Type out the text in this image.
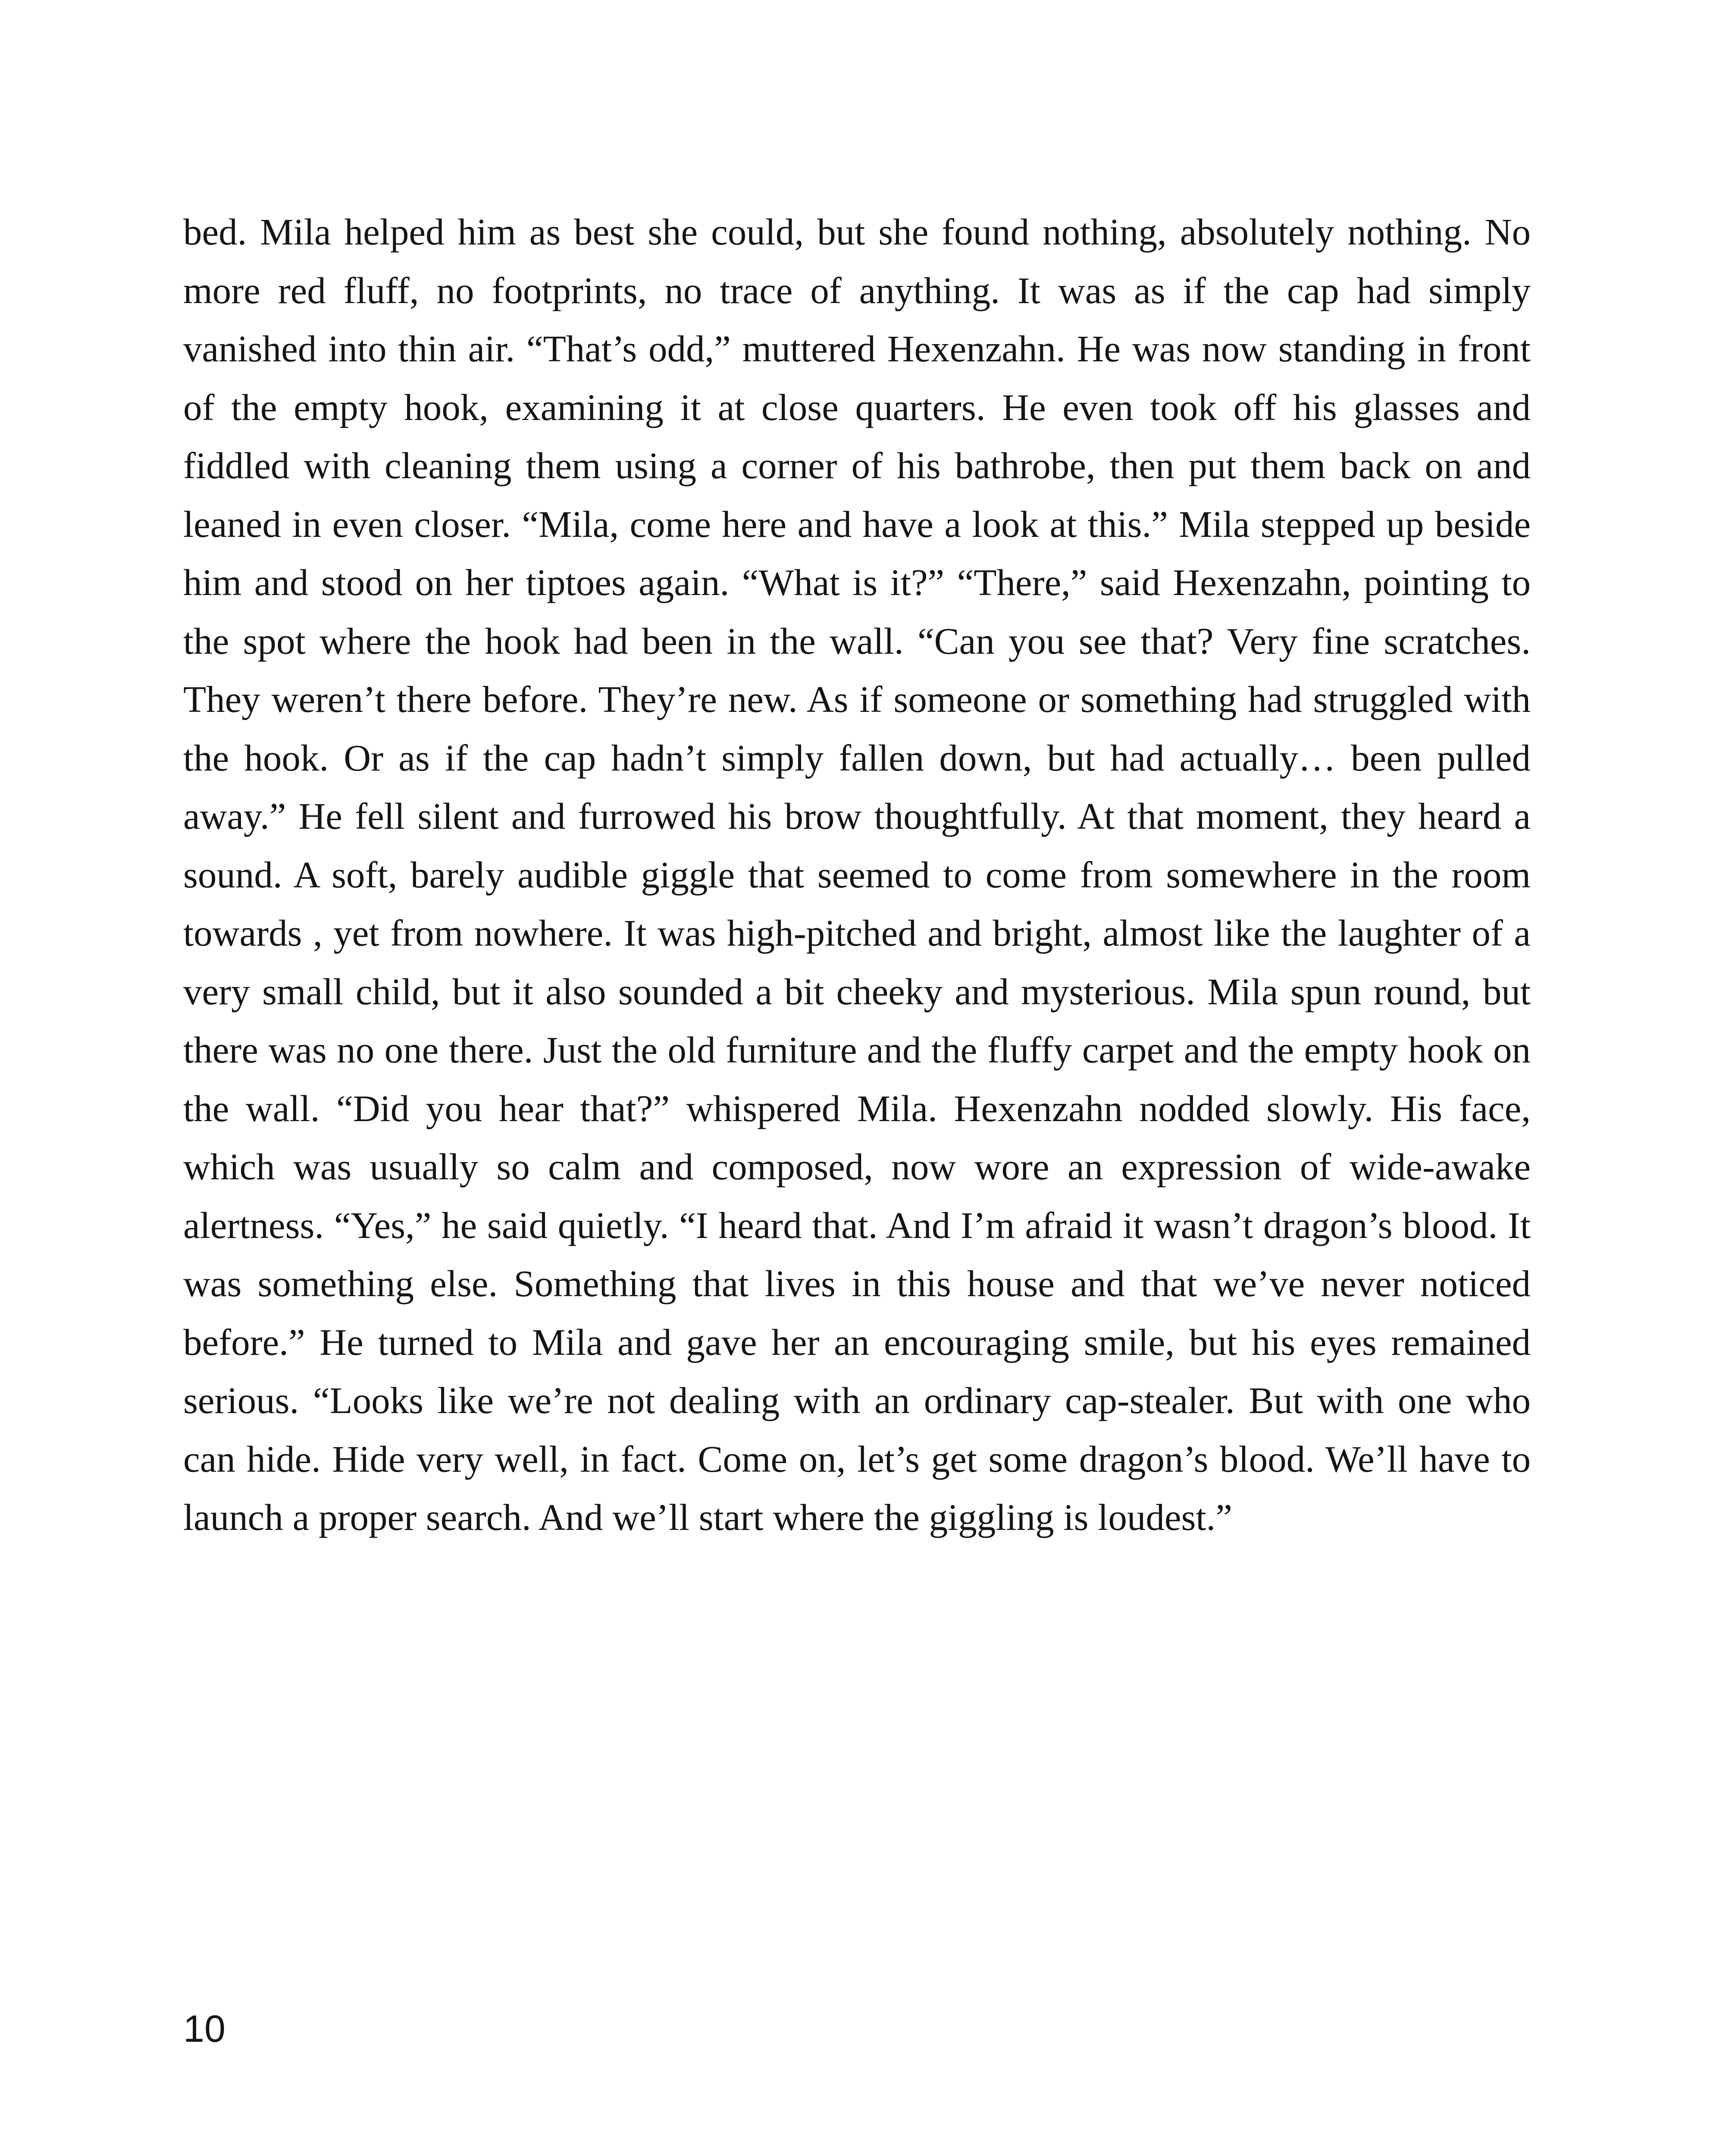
bed. Mila helped him as best she could, but she found nothing, absolutely nothing. No more red fluff, no footprints, no trace of anything. It was as if the cap had simply vanished into thin air. “That’s odd,” muttered Hexenzahn. He was now standing in front of the empty hook, examining it at close quarters. He even took off his glasses and fiddled with cleaning them using a corner of his bathrobe, then put them back on and leaned in even closer. “Mila, come here and have a look at this.” Mila stepped up beside him and stood on her tiptoes again. “What is it?” “There,” said Hexenzahn, pointing to the spot where the hook had been in the wall. “Can you see that? Very fine scratches. They weren’t there before. They’re new. As if someone or something had struggled with the hook. Or as if the cap hadn’t simply fallen down, but had actually… been pulled away.” He fell silent and furrowed his brow thoughtfully. At that moment, they heard a sound. A soft, barely audible giggle that seemed to come from somewhere in the room towards , yet from nowhere. It was high-pitched and bright, almost like the laughter of a very small child, but it also sounded a bit cheeky and mysterious. Mila spun round, but there was no one there. Just the old furniture and the fluffy carpet and the empty hook on the wall. “Did you hear that?” whispered Mila. Hexenzahn nodded slowly. His face, which was usually so calm and composed, now wore an expression of wide-awake alertness. “Yes,” he said quietly. “I heard that. And I’m afraid it wasn’t dragon’s blood. It was something else. Something that lives in this house and that we’ve never noticed before.” He turned to Mila and gave her an encouraging smile, but his eyes remained serious. “Looks like we’re not dealing with an ordinary cap-stealer. But with one who can hide. Hide very well, in fact. Come on, let’s get some dragon’s blood. We’ll have to launch a proper search. And we’ll start where the giggling is loudest.”

10
